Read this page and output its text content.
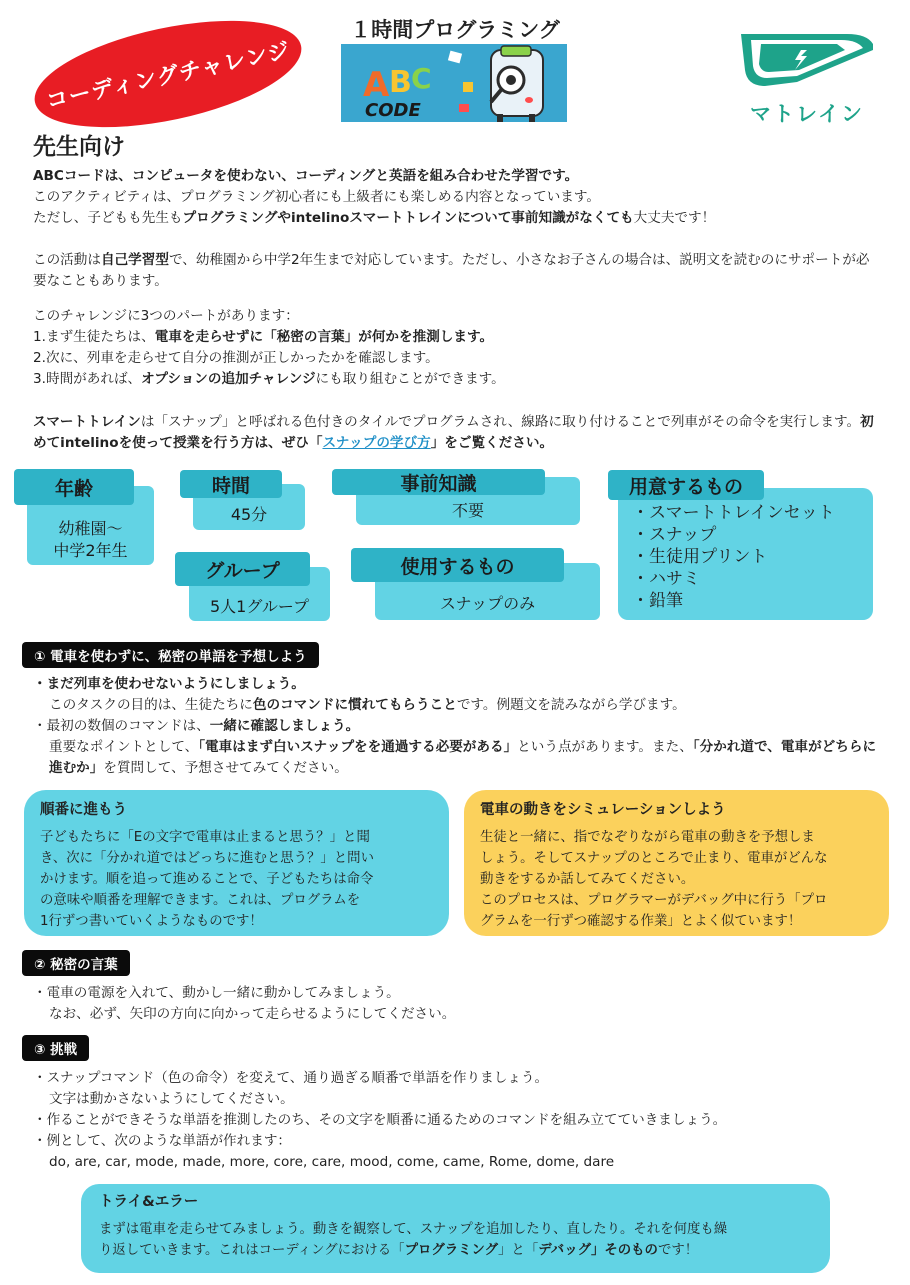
コーディングチャレンジ
１時間プログラミング
A B C
CODE	マトレイン
先生向け
ABCコードは、コンピュータを使わない、コーディングと英語を組み合わせた学習です。
このアクティビティは、プログラミング初心者にも上級者にも楽しめる内容となっています。
ただし、子どもも先生もプログラミングやintelinoスマートトレインについて事前知識がなくても大丈夫です！
この活動は自己学習型で、幼稚園から中学2年生まで対応しています。ただし、小さなお子さんの場合は、説明文を読むのにサポートが必要なこともあります。
このチャレンジに3つのパートがあります：
1.まず生徒たちは、電車を走らせずに「秘密の言葉」が何かを推測します。
2.次に、列車を走らせて自分の推測が正しかったかを確認します。
3.時間があれば、オプションの追加チャレンジにも取り組むことができます。
スマートトレインは「スナップ」と呼ばれる色付きのタイルでプログラムされ、線路に取り付けることで列車がその命令を実行します。初めてintelinoを使って授業を行う方は、ぜひ「スナップの学び方」をご覧ください。
年齢
幼稚園〜
中学2年生
時間
45分
グループ
5人1グループ
事前知識
不要
使用するもの
スナップのみ
用意するもの
・スマートトレインセット
・スナップ
・生徒用プリント
・ハサミ
・鉛筆
① 電車を使わずに、秘密の単語を予想しよう
・まだ列車を使わせないようにしましょう。
このタスクの目的は、生徒たちに色のコマンドに慣れてもらうことです。例題文を読みながら学びます。
・最初の数個のコマンドは、一緒に確認しましょう。
重要なポイントとして、「電車はまず白いスナップをを通過する必要がある」という点があります。また、「分かれ道で、電車がどちらに進むか」を質問して、予想させてみてください。
順番に進もう
子どもたちに「Eの文字で電車は止まると思う？」と聞
き、次に「分かれ道ではどっちに進むと思う？」と問い
かけます。順を追って進めることで、子どもたちは命令
の意味や順番を理解できます。これは、プログラムを
1行ずつ書いていくようなものです！
電車の動きをシミュレーションしよう
生徒と一緒に、指でなぞりながら電車の動きを予想しま
しょう。そしてスナップのところで止まり、電車がどんな
動きをするか話してみてください。
このプロセスは、プログラマーがデバッグ中に行う「プロ
グラムを一行ずつ確認する作業」とよく似ています！
② 秘密の言葉
・電車の電源を入れて、動かし一緒に動かしてみましょう。
なお、必ず、矢印の方向に向かって走らせるようにしてください。
③ 挑戦
・スナップコマンド（色の命令）を変えて、通り過ぎる順番で単語を作りましょう。
文字は動かさないようにしてください。
・作ることができそうな単語を推測したのち、その文字を順番に通るためのコマンドを組み立てていきましょう。
・例として、次のような単語が作れます：
do, are, car, mode, made, more, core, care, mood, come, came, Rome, dome, dare
トライ&エラー
まずは電車を走らせてみましょう。動きを観察して、スナップを追加したり、直したり。それを何度も繰
り返していきます。これはコーディングにおける「プログラミング」と「デバッグ」そのものです！
